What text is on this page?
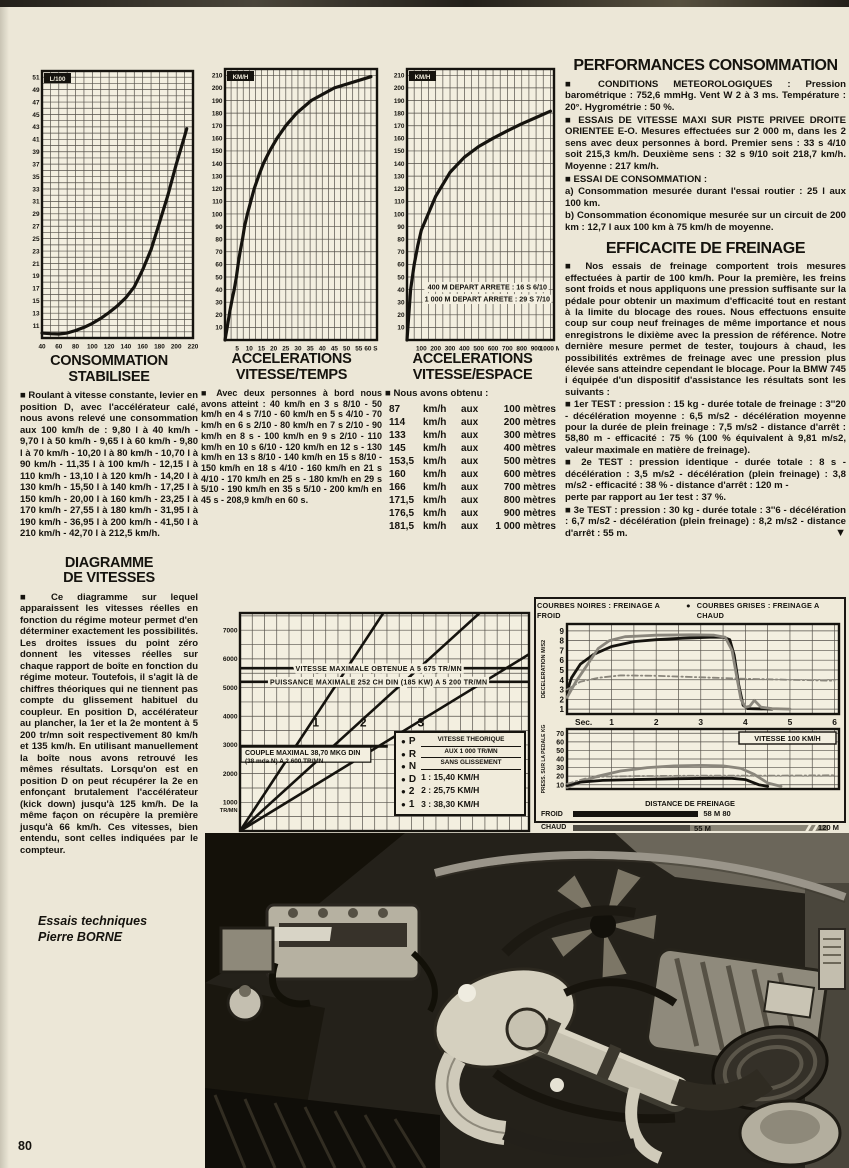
11
13
15
17
19
21
23
25
27
29
31
33
35
37
39
41
43
45
47
49
51
40 60 80 100 120 140 160 180 200 220
L/100
10
20
30
40
50
60
70
80
90
100
110
120
130
140
150
160
170
180
190
200
210
5 10 15 20 25 30 35 40 45 50 55 60 S
KM/H
10
20
30
40
50
60
70
80
90
100
110
120
130
140
150
160
170
180
190
200
210
100 200 300 400 500 600 700 800 900
1000 M
KM/H
400 M DEPART ARRETE : 16 S 6/10
1 000 M DEPART ARRETE : 29 S 7/10
CONSOMMATION
STABILISEE
■ Roulant à vitesse constante, levier en position D, avec l'accélérateur calé, nous avons relevé une consommation aux 100 km/h de : 9,80 l à 40 km/h - 9,70 l à 50 km/h - 9,65 l à 60 km/h - 9,80 l à 70 km/h - 10,20 l à 80 km/h - 10,70 l à 90 km/h - 11,35 l à 100 km/h - 12,15 l à 110 km/h - 13,10 l à 120 km/h - 14,20 l à 130 km/h - 15,50 l à 140 km/h - 17,25 l à 150 km/h - 20,00 l à 160 km/h - 23,25 l à 170 km/h - 27,55 l à 180 km/h - 31,95 l à 190 km/h - 36,95 l à 200 km/h - 41,50 l à 210 km/h - 42,70 l à 212,5 km/h.
DIAGRAMME
DE VITESSES
■ Ce diagramme sur lequel apparaissent les vitesses réelles en fonction du régime moteur permet d'en déterminer exactement les possibilités. Les droites issues du point zéro donnent les vitesses réelles sur chaque rapport de boîte en fonction du régime moteur. Toutefois, il s'agit là de chiffres théoriques qui ne tiennent pas compte du glissement habituel du coupleur. En position D, accélérateur au plancher, la 1er et la 2e montent à 5 200 tr/mn soit respectivement 80 km/h et 135 km/h. En utilisant manuellement la boîte nous avons retrouvé les mêmes résultats. Lorsqu'on est en position D on peut récupérer la 2e en enfonçant brutalement l'accélérateur (kick down) jusqu'à 125 km/h. De la même façon on récupère la première jusqu'à 66 km/h. Ces vitesses, bien entendu, sont celles indiquées par le compteur.
Essais techniques
Pierre BORNE
ACCELERATIONS
VITESSE/TEMPS
■ Avec deux personnes à bord nous avons atteint : 40 km/h en 3 s 8/10 - 50 km/h en 4 s 7/10 - 60 km/h en 5 s 4/10 - 70 km/h en 6 s 2/10 - 80 km/h en 7 s 2/10 - 90 km/h en 8 s - 100 km/h en 9 s 2/10 - 110 km/h en 10 s 6/10 - 120 km/h en 12 s - 130 km/h en 13 s 8/10 - 140 km/h en 15 s 8/10 - 150 km/h en 18 s 4/10 - 160 km/h en 21 s 4/10 - 170 km/h en 25 s - 180 km/h en 29 s 5/10 - 190 km/h en 35 s 5/10 - 200 km/h en 45 s - 208,9 km/h en 60 s.
ACCELERATIONS
VITESSE/ESPACE
■ Nous avons obtenu :
87	km/h	aux	100 mètres
114	km/h	aux	200 mètres
133	km/h	aux	300 mètres
145	km/h	aux	400 mètres
153,5 km/h	aux	500 mètres
160	km/h	aux	600 mètres
166	km/h	aux	700 mètres
171,5 km/h	aux	800 mètres
176,5 km/h	aux	900 mètres
181,5 km/h	aux	1 000 mètres
PERFORMANCES CONSOMMATION

■ CONDITIONS METEOROLOGIQUES : Pression barométrique : 752,6 mmHg. Vent W 2 à 3 ms. Température : 20°. Hygrométrie : 50 %.

■ ESSAIS DE VITESSE MAXI SUR PISTE PRIVEE DROITE ORIENTEE E-O. Mesures effectuées sur 2 000 m, dans les 2 sens avec deux personnes à bord. Premier sens : 33 s 4/10 soit 215,3 km/h. Deuxième sens : 32 s 9/10 soit 218,7 km/h. Moyenne : 217 km/h.

■ ESSAI DE CONSOMMATION :

a) Consommation mesurée durant l'essai routier : 25 l aux 100 km.

b) Consommation économique mesurée sur un circuit de 200 km : 12,7 l aux 100 km à 75 km/h de moyenne.

EFFICACITE DE FREINAGE

■ Nos essais de freinage comportent trois mesures effectuées à partir de 100 km/h. Pour la première, les freins sont froids et nous appliquons une pression suffisante sur la pédale pour obtenir un maximum d'efficacité tout en restant à la limite du blocage des roues. Nous effectuons ensuite coup sur coup neuf freinages de même importance et nous enregistrons le dixième avec la pression de référence. Notre dernière mesure permet de tester, toujours à chaud, les possibilités extrêmes de freinage avec une pression plus élevée sans atteindre cependant le blocage. Pour la BMW 745 i équipée d'un dispositif d'assistance les résultats sont les suivants :

■ 1er TEST : pression : 15 kg - durée totale de freinage : 3''20 - décélération moyenne : 6,5 m/s2 - décélération moyenne pour la durée de plein freinage : 7,5 m/s2 - distance d'arrêt : 58,80 m - efficacité : 75 % (100 % équivalent à 9,81 m/s2, valeur maximale en matière de freinage).

■ 2e TEST : pression identique - durée totale : 8 s - décélération : 3,5 m/s2 - décélération (plein freinage) : 3,8 m/s2 - efficacité : 38 % - distance d'arrêt : 120 m -

perte par rapport au 1er test : 37 %.

■ 3e TEST : pression : 30 kg - durée totale : 3''6 - décélération : 6,7 m/s2 - décélération (plein freinage) : 8,2 m/s2 - distance d'arrêt : 55 m.	▼

● P
● R
● N
● D
● 2
● 1
VITESSE THEORIQUE
AUX 1 000 TR/MN
SANS GLISSEMENT
1 : 15,40 KM/H
2 : 25,75 KM/H
3 : 38,30 KM/H
1000
2000
3000
4000
5000
6000
7000
TR/MN
1	2	3
VITESSE MAXIMALE OBTENUE A 5 675 TR/MN
PUISSANCE MAXIMALE 252 CH DIN (185 KW) A 5 200 TR/MN
COUPLE MAXIMAL 38,70 MKG DIN
(38 mda N) A 2 600 TR/MN
COURBES NOIRES : FREINAGE A FROID
● COURBES GRISES : FREINAGE A CHAUD
1
2
3
4
5
6
7
8
9
DECELERATION M/S2
Sec. 1	2	3	4	5	6
10
20
30
40
50
60
70
PRESS. SUR LA PEDALE KG	VITESSE 100 KM/H
DISTANCE DE FREINAGE
FROID	58 M 80
CHAUD	55 M	120 M
80
